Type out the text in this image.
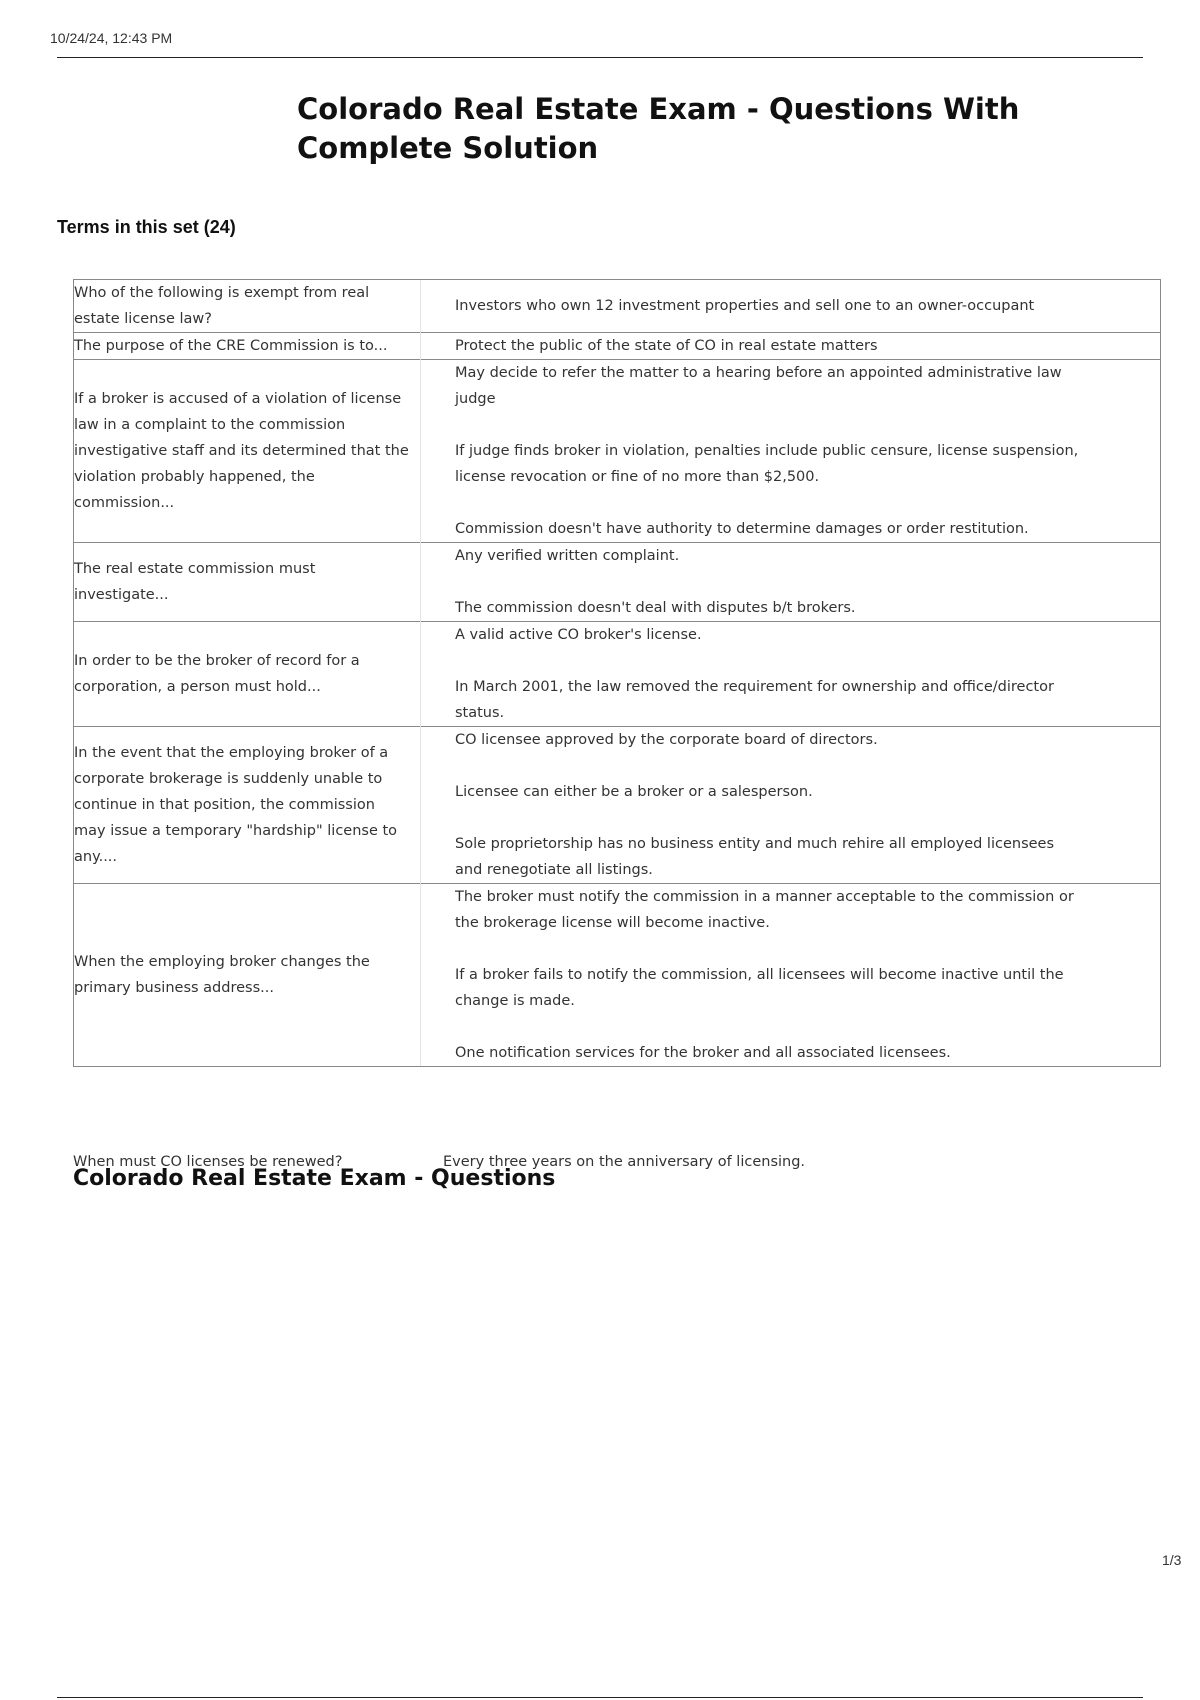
10/24/24, 12:43 PM
Colorado Real Estate Exam - Questions With Complete Solution
Terms in this set (24)
Who of the following is exempt from real estate license law?	Investors who own 12 investment properties and sell one to an owner-occupant

The purpose of the CRE Commission is to...	Protect the public of the state of CO in real estate matters

If a broker is accused of a violation of license law in a complaint to the commission investigative staff and its determined that the violation probably happened, the commission...	May decide to refer the matter to a hearing before an appointed administrative law judge

If judge finds broker in violation, penalties include public censure, license suspension, license revocation or fine of no more than $2,500.

Commission doesn't have authority to determine damages or order restitution.

The real estate commission must investigate...	Any verified written complaint.

The commission doesn't deal with disputes b/t brokers.

In order to be the broker of record for a corporation, a person must hold...	A valid active CO broker's license.

In March 2001, the law removed the requirement for ownership and office/director status.

In the event that the employing broker of a corporate brokerage is suddenly unable to continue in that position, the commission may issue a temporary "hardship" license to any....	CO licensee approved by the corporate board of directors.

Licensee can either be a broker or a salesperson.

Sole proprietorship has no business entity and much rehire all employed licensees and renegotiate all listings.

When the employing broker changes the primary business address...	The broker must notify the commission in a manner acceptable to the commission or the brokerage license will become inactive.

If a broker fails to notify the commission, all licensees will become inactive until the change is made.

One notification services for the broker and all associated licensees.

When must CO licenses be renewed?	Every three years on the anniversary of licensing.
Colorado Real Estate Exam - Questions
1/3
